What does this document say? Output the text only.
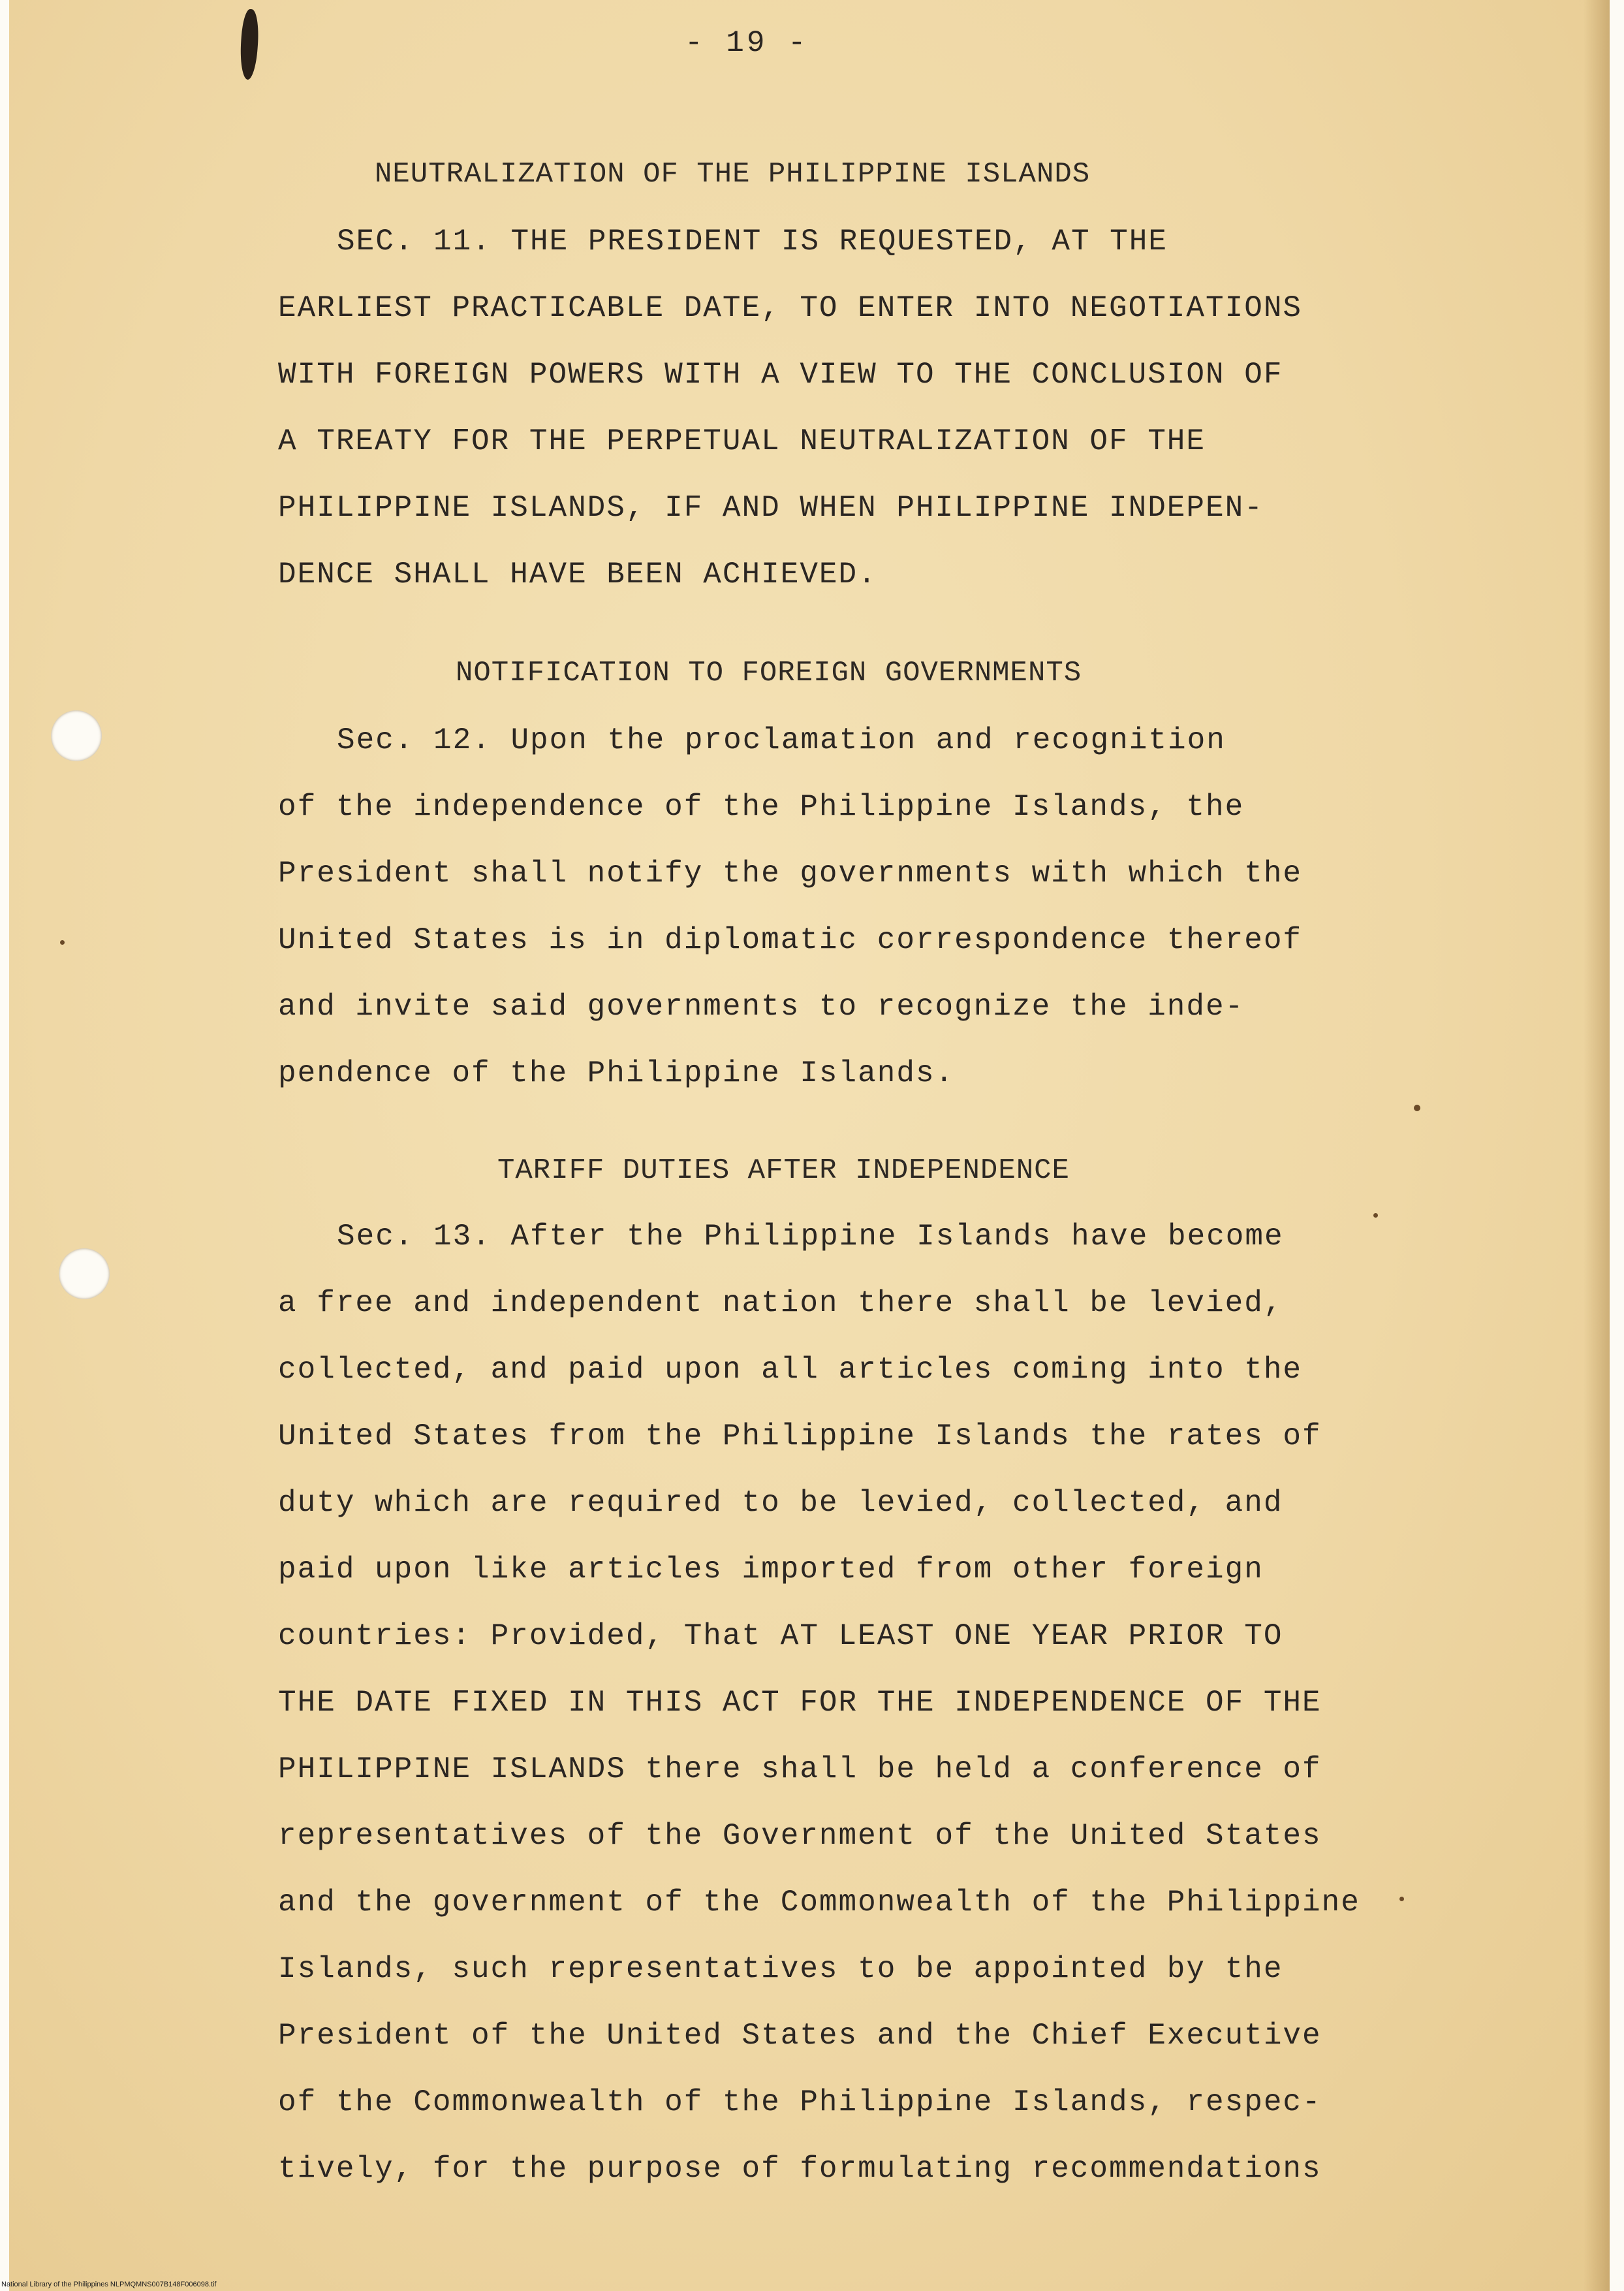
- 19 -
NEUTRALIZATION OF THE PHILIPPINE ISLANDS
SEC. 11. THE PRESIDENT IS REQUESTED, AT THE
EARLIEST PRACTICABLE DATE, TO ENTER INTO NEGOTIATIONS
WITH FOREIGN POWERS WITH A VIEW TO THE CONCLUSION OF
A TREATY FOR THE PERPETUAL NEUTRALIZATION OF THE
PHILIPPINE ISLANDS, IF AND WHEN PHILIPPINE INDEPEN-
DENCE SHALL HAVE BEEN ACHIEVED.
NOTIFICATION TO FOREIGN GOVERNMENTS
Sec. 12. Upon the proclamation and recognition
of the independence of the Philippine Islands, the
President shall notify the governments with which the
United States is in diplomatic correspondence thereof
and invite said governments to recognize the inde-
pendence of the Philippine Islands.
TARIFF DUTIES AFTER INDEPENDENCE
Sec. 13. After the Philippine Islands have become
a free and independent nation there shall be levied,
collected, and paid upon all articles coming into the
United States from the Philippine Islands the rates of
duty which are required to be levied, collected, and
paid upon like articles imported from other foreign
countries: Provided, That AT LEAST ONE YEAR PRIOR TO
THE DATE FIXED IN THIS ACT FOR THE INDEPENDENCE OF THE
PHILIPPINE ISLANDS there shall be held a conference of
representatives of the Government of the United States
and the government of the Commonwealth of the Philippine
Islands, such representatives to be appointed by the
President of the United States and the Chief Executive
of the Commonwealth of the Philippine Islands, respec-
tively, for the purpose of formulating recommendations
National Library of the Philippines NLPMQMNS007B148F006098.tif
